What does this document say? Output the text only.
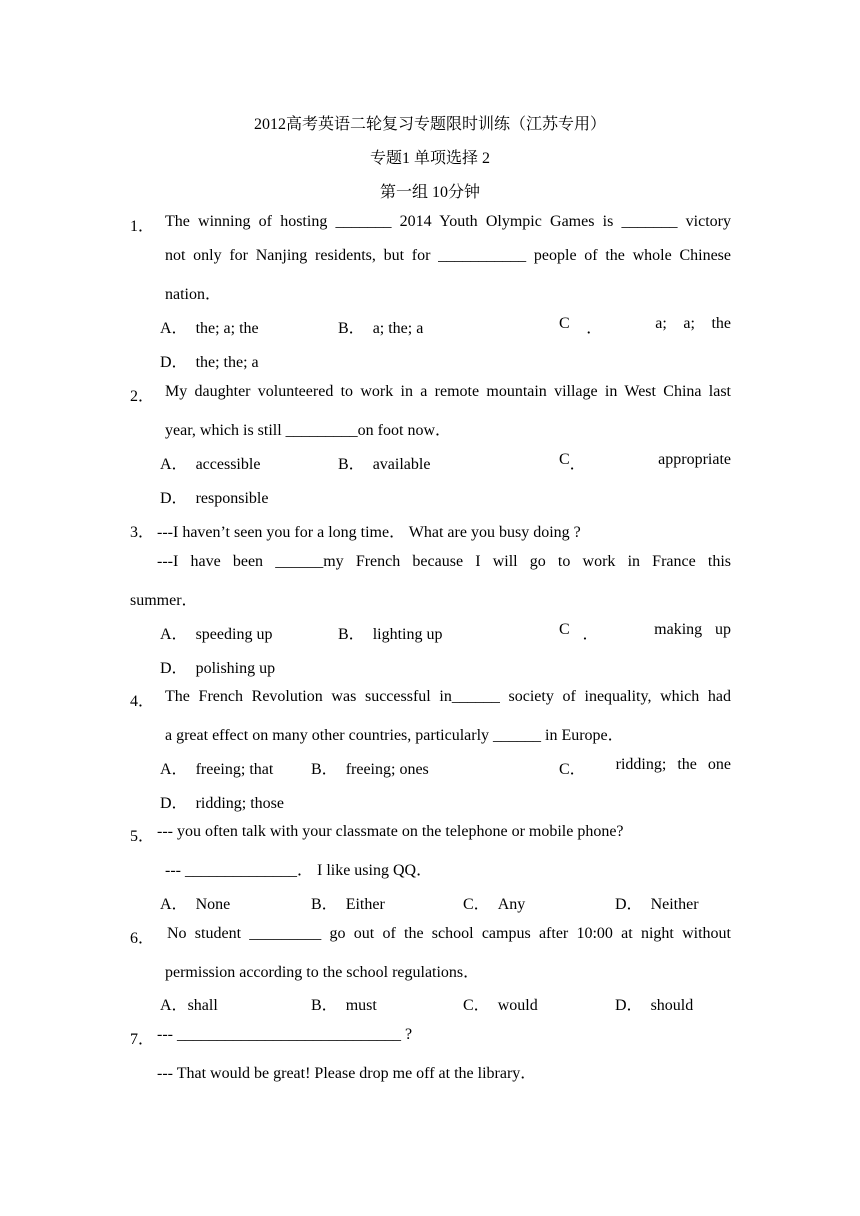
2012高考英语二轮复习专题限时训练（江苏专用）
专题1 单项选择 2
第一组 10分钟
1． The winning of hosting _______ 2014 Youth Olympic Games is _______ victory
not only for Nanjing residents, but for ___________ people of the whole Chinese
nation．
A． the; a; the	B． a; the; a	C ．	a; a; the
D． the; the; a
2． My daughter volunteered to work in a remote mountain village in West China last
year, which is still _________on foot now．
A． accessible	B． available	C ．	appropriate
D． responsible
3． ---I haven’t seen you for a long time． What are you busy doing ?
---I have been ______my French because I will go to work in France this
summer．
A． speeding up	B． lighting up	C ．	making up
D． polishing up
4． The French Revolution was successful in______ society of inequality, which had
a great effect on many other countries, particularly ______ in Europe．
A． freeing; that B． freeing; ones	C． ridding; the one
D． ridding; those
5． --- you often talk with your classmate on the telephone or mobile phone?
--- ______________． I like using QQ．
A． None	B． Either	C． Any	D． Neither
6． No student _________ go out of the school campus after 10:00 at night without
permission according to the school regulations．
A．shall	B． must	C． would	D． should
7． --- ____________________________ ?
--- That would be great! Please drop me off at the library．
